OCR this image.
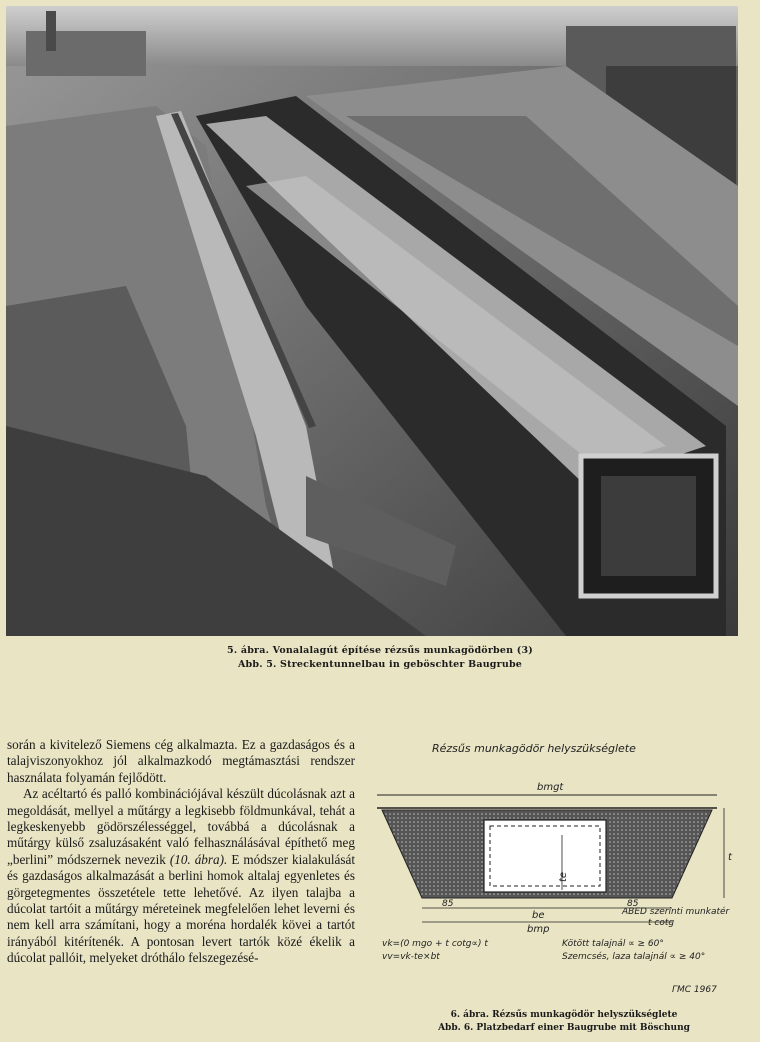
5. ábra. Vonalalagút építése rézsűs munkagödörben (3)
Abb. 5. Streckentunnelbau in geböschter Baugrube

során a kivitelező Siemens cég alkalmazta. Ez a gazdaságos és a talajviszonyokhoz jól alkalmazkodó megtámasztási rendszer használata folyamán fejlődött.

Az acéltartó és palló kombinációjával készült dúcolásnak azt a megoldását, mellyel a műtárgy a legkisebb földmunkával, tehát a legkeskenyebb gödörszélességgel, továbbá a dúcolásnak a műtárgy külső zsaluzásaként való felhasználásával építhető meg „berlini” módszernek nevezik (10. ábra). E módszer kialakulását és gazdaságos alkalmazását a berlini homok altalaj egyenletes és görgetegmentes összetétele tette lehetővé. Az ilyen talajba a dúcolat tartóit a műtárgy méreteinek megfelelően lehet leverni és nem kell arra számítani, hogy a moréna hordalék kövei a tartót irányából kitérítenék. A pontosan levert tartók közé ékelik a dúcolat pallóit, melyeket dróthálo felszegezésé-

Rézsűs munkagödör helyszükséglete
bmgt
te
be
bmp
85	85
t cotg
t
ABED szerinti munkatér
vk=(0 mgo + t cotg∝) t
vv=vk-te×bt
Kötött talajnál ∝ ≥ 60°
Szemcsés, laza talajnál ∝ ≥ 40°
ГМС 1967
6. ábra. Rézsűs munkagödör helyszükséglete
Abb. 6. Platzbedarf einer Baugrube mit Böschung
